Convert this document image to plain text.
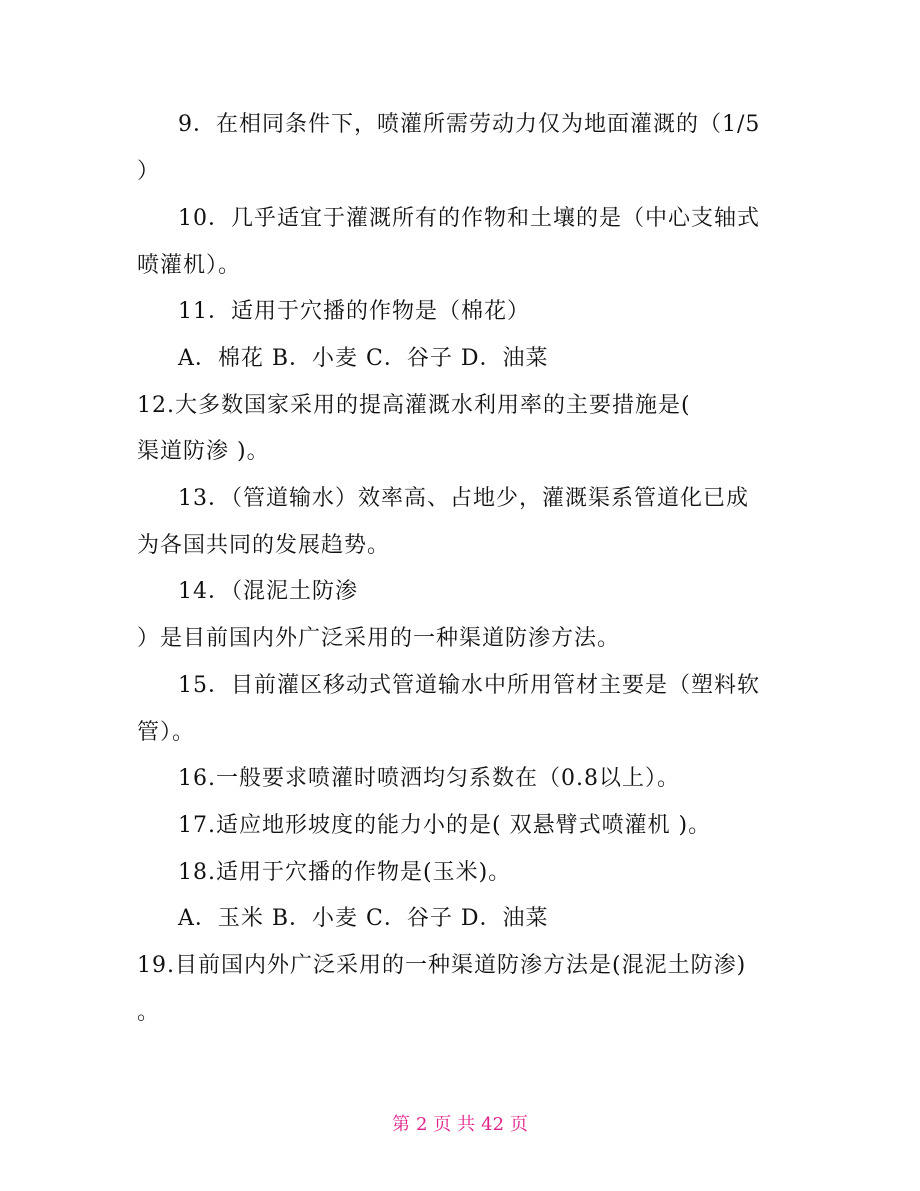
9．在相同条件下，喷灌所需劳动力仅为地面灌溉的（1/5
）
10．几乎适宜于灌溉所有的作物和土壤的是（中心支轴式
喷灌机）。
11．适用于穴播的作物是（棉花）
A．棉花 B．小麦 C．谷子 D．油菜
12.大多数国家采用的提高灌溉水利用率的主要措施是(
渠道防渗 )。
13．（管道输水）效率高、占地少，灌溉渠系管道化已成
为各国共同的发展趋势。
14．（混泥土防渗
）是目前国内外广泛采用的一种渠道防渗方法。
15．目前灌区移动式管道输水中所用管材主要是（塑料软
管）。
16.一般要求喷灌时喷洒均匀系数在（0.8以上）。
17.适应地形坡度的能力小的是( 双悬臂式喷灌机 )。
18.适用于穴播的作物是(玉米)。
A．玉米 B．小麦 C．谷子 D．油菜
19.目前国内外广泛采用的一种渠道防渗方法是(混泥土防渗)
。
第 2 页 共 42 页
